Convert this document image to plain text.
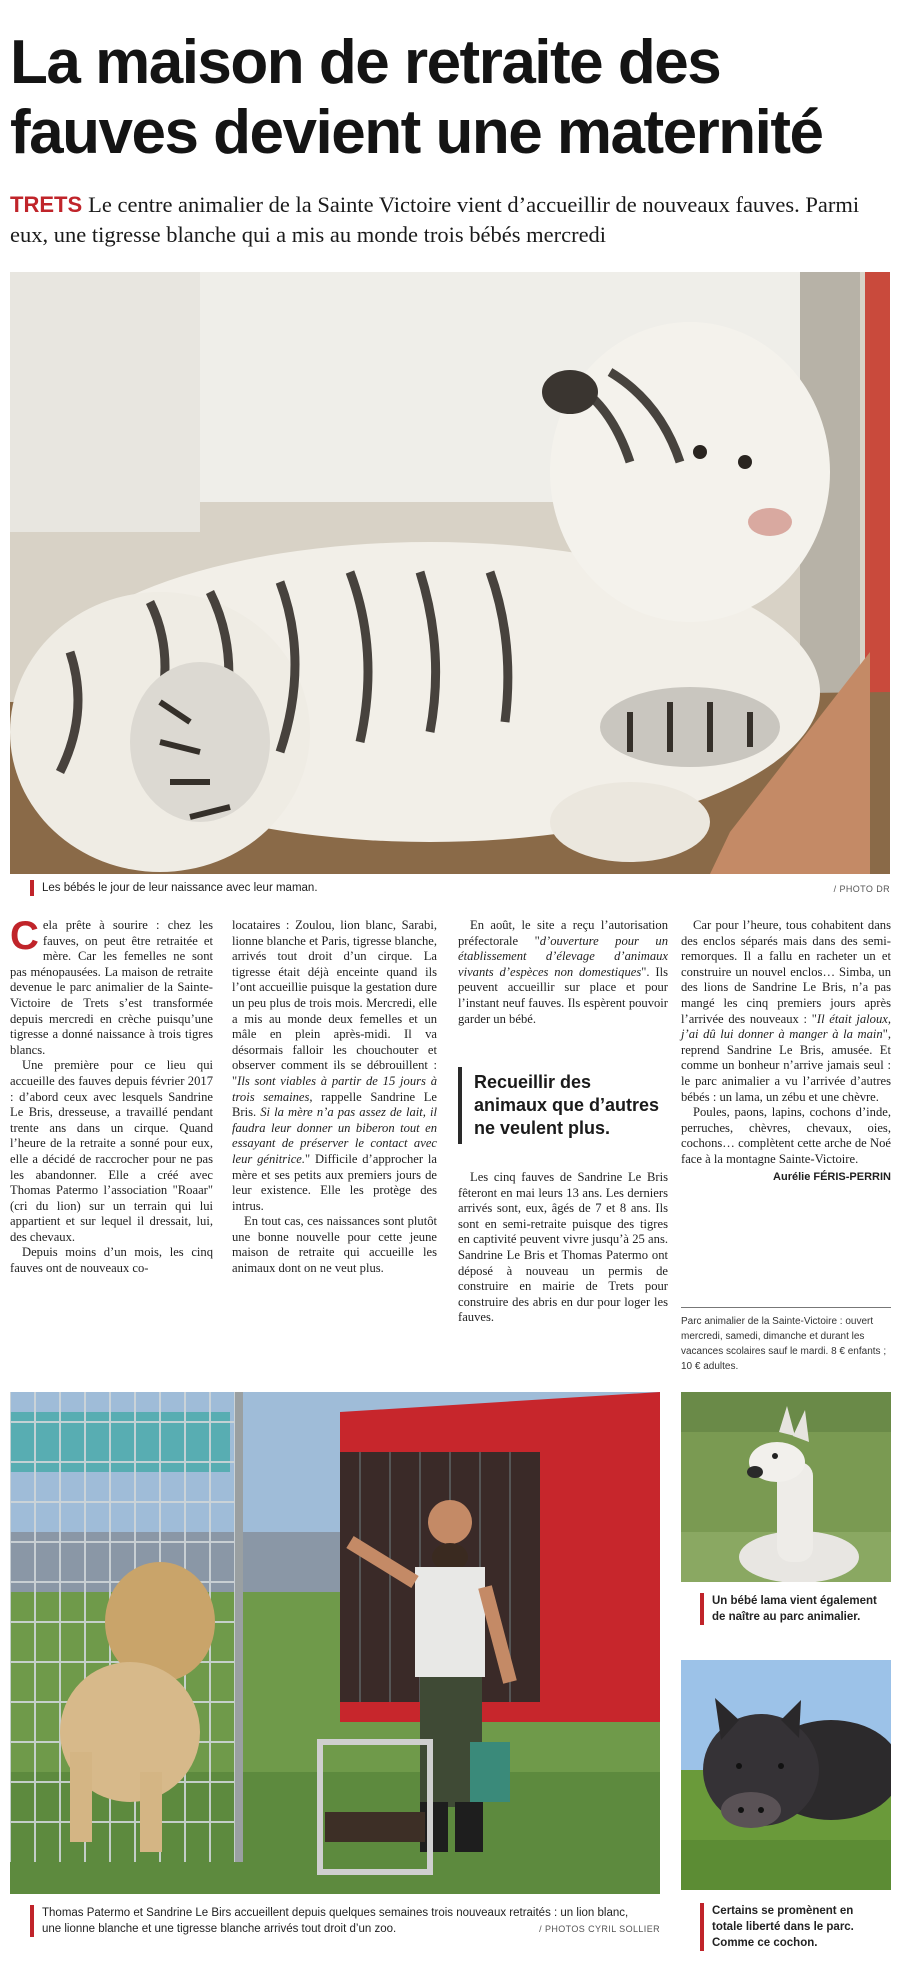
La maison de retraite des
fauves devient une maternité
TRETS Le centre animalier de la Sainte Victoire vient d’accueillir de nouveaux fauves. Parmi eux, une tigresse blanche qui a mis au monde trois bébés mercredi
Les bébés le jour de leur naissance avec leur maman.	/ PHOTO DR

Cela prête à sourire : chez les fauves, on peut être retraitée et mère. Car les femelles ne sont pas ménopausées. La maison de retraite devenue le parc animalier de la Sainte-Victoire de Trets s’est transformée depuis mercredi en crèche puisqu’une tigresse a donné naissance à trois tigres blancs.

Une première pour ce lieu qui accueille des fauves depuis février 2017 : d’abord ceux avec lesquels Sandrine Le Bris, dresseuse, a travaillé pendant trente ans dans un cirque. Quand l’heure de la retraite a sonné pour eux, elle a décidé de raccrocher pour ne pas les abandonner. Elle a créé avec Thomas Patermo l’association "Roaar" (cri du lion) sur un terrain qui lui appartient et sur lequel il dressait, lui, des chevaux.

Depuis moins d’un mois, les cinq fauves ont de nouveaux co-

locataires : Zoulou, lion blanc, Sarabi, lionne blanche et Paris, tigresse blanche, arrivés tout droit d’un cirque. La tigresse était déjà enceinte quand ils l’ont accueillie puisque la gestation dure un peu plus de trois mois. Mercredi, elle a mis au monde deux femelles et un mâle en plein après-midi. Il va désormais falloir les chouchouter et observer comment ils se débrouillent : "Ils sont viables à partir de 15 jours à trois semaines, rappelle Sandrine Le Bris. Si la mère n’a pas assez de lait, il faudra leur donner un biberon tout en essayant de préserver le contact avec leur génitrice." Difficile d’approcher la mère et ses petits aux premiers jours de leur existence. Elle les protège des intrus.

En tout cas, ces naissances sont plutôt une bonne nouvelle pour cette jeune maison de retraite qui accueille les animaux dont on ne veut plus.

En août, le site a reçu l’autorisation préfectorale "d’ouverture pour un établissement d’élevage d’animaux vivants d’espèces non domestiques". Ils peuvent accueillir sur place et pour l’instant neuf fauves. Ils espèrent pouvoir garder un bébé.

Recueillir des animaux que d’autres ne veulent plus.

Les cinq fauves de Sandrine Le Bris fêteront en mai leurs 13 ans. Les derniers arrivés sont, eux, âgés de 7 et 8 ans. Ils sont en semi-retraite puisque des tigres en captivité peuvent vivre jusqu’à 25 ans. Sandrine Le Bris et Thomas Patermo ont déposé à nouveau un permis de construire en mairie de Trets pour construire des abris en dur pour loger les fauves.

Car pour l’heure, tous cohabitent dans des enclos séparés mais dans des semi-remorques. Il a fallu en racheter un et construire un nouvel enclos… Simba, un des lions de Sandrine Le Bris, n’a pas mangé les cinq premiers jours après l’arrivée des nouveaux : "Il était jaloux, j’ai dû lui donner à manger à la main", reprend Sandrine Le Bris, amusée. Et comme un bonheur n’arrive jamais seul : le parc animalier a vu l’arrivée d’autres bébés : un lama, un zébu et une chèvre.

Poules, paons, lapins, cochons d’inde, perruches, chèvres, chevaux, oies, cochons… complètent cette arche de Noé face à la montagne Sainte-Victoire.

Aurélie FÉRIS-PERRIN
Parc animalier de la Sainte-Victoire : ouvert mercredi, samedi, dimanche et durant les vacances scolaires sauf le mardi. 8 € enfants ; 10 € adultes.
Thomas Patermo et Sandrine Le Birs accueillent depuis quelques semaines trois nouveaux retraités : un lion blanc, une lionne blanche et une tigresse blanche arrivés tout droit d’un zoo.	/ PHOTOS CYRIL SOLLIER
Un bébé lama vient également de naître au parc animalier.
Certains se promènent en totale liberté dans le parc. Comme ce cochon.
